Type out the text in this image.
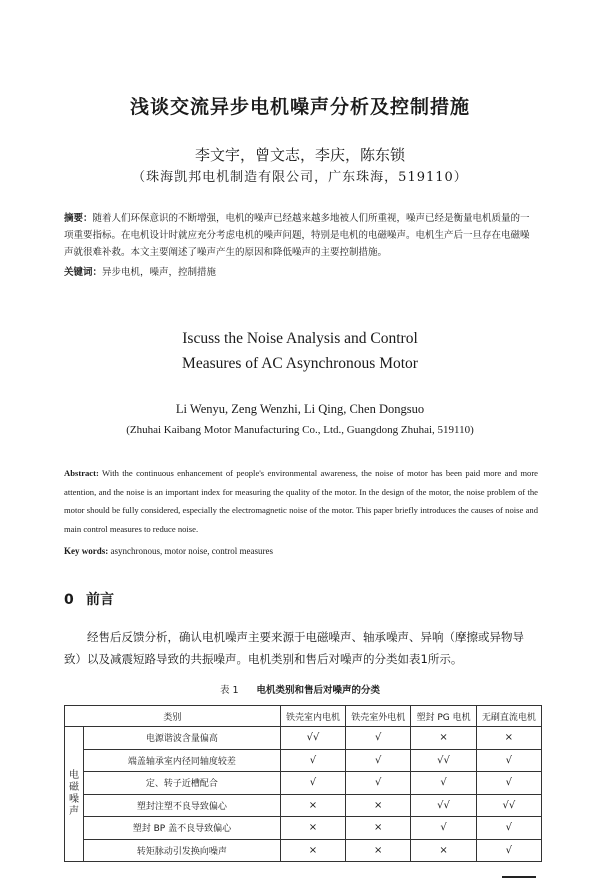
浅谈交流异步电机噪声分析及控制措施
李文宇，曾文志，李庆，陈东锁
（珠海凯邦电机制造有限公司，广东珠海，519110）
摘要：随着人们环保意识的不断增强，电机的噪声已经越来越多地被人们所重视，噪声已经是衡量电机质量的一项重要指标。在电机设计时就应充分考虑电机的噪声问题，特别是电机的电磁噪声。电机生产后一旦存在电磁噪声就很难补救。本文主要阐述了噪声产生的原因和降低噪声的主要控制措施。
关键词：异步电机，噪声，控制措施
Iscuss the Noise Analysis and Control
Measures of AC Asynchronous Motor
Li Wenyu, Zeng Wenzhi, Li Qing, Chen Dongsuo
(Zhuhai Kaibang Motor Manufacturing Co., Ltd., Guangdong Zhuhai, 519110)
Abstract: With the continuous enhancement of people's environmental awareness, the noise of motor has been paid more and more attention, and the noise is an important index for measuring the quality of the motor. In the design of the motor, the noise problem of the motor should be fully considered, especially the electromagnetic noise of the motor. This paper briefly introduces the causes of noise and main control measures to reduce noise.
Key words: asynchronous, motor noise, control measures
0 前言
经售后反馈分析，确认电机噪声主要来源于电磁噪声、轴承噪声、异响（摩擦或异物导致）以及减震短路导致的共振噪声。电机类别和售后对噪声的分类如表1所示。
表 1 电机类别和售后对噪声的分类
类别		铁壳室内电机	铁壳室外电机	塑封 PG 电机	无刷直流电机
电磁噪声	电源谐波含量偏高	√√	√	×	×
	端盖轴承室内径同轴度较差	√	√	√√	√
	定、转子近槽配合	√	√	√	√
	塑封注塑不良导致偏心	×	×	√√	√√
	塑封 BP 盖不良导致偏心	×	×	√	√
	转矩脉动引发换向噪声	×	×	×	√
